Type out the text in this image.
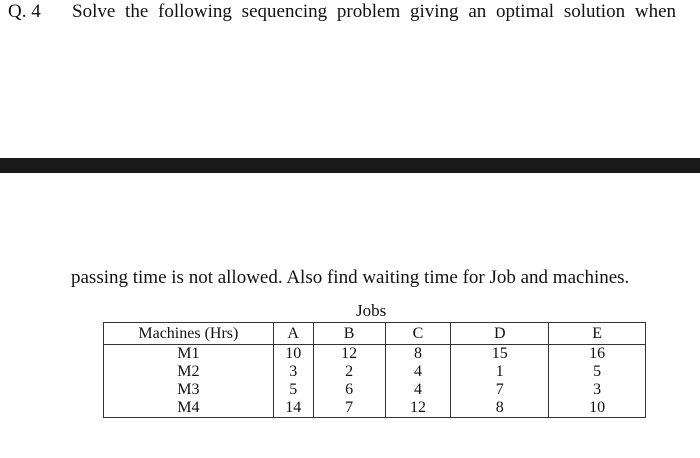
Q. 4 Solve the following sequencing problem giving an optimal solution when
passing time is not allowed. Also find waiting time for Job and machines.
Jobs
Machines (Hrs)	A	B	C	D	E
M1	10	12	8	15	16
M2	3	2	4	1	5
M3	5	6	4	7	3
M4	14	7	12	8	10
